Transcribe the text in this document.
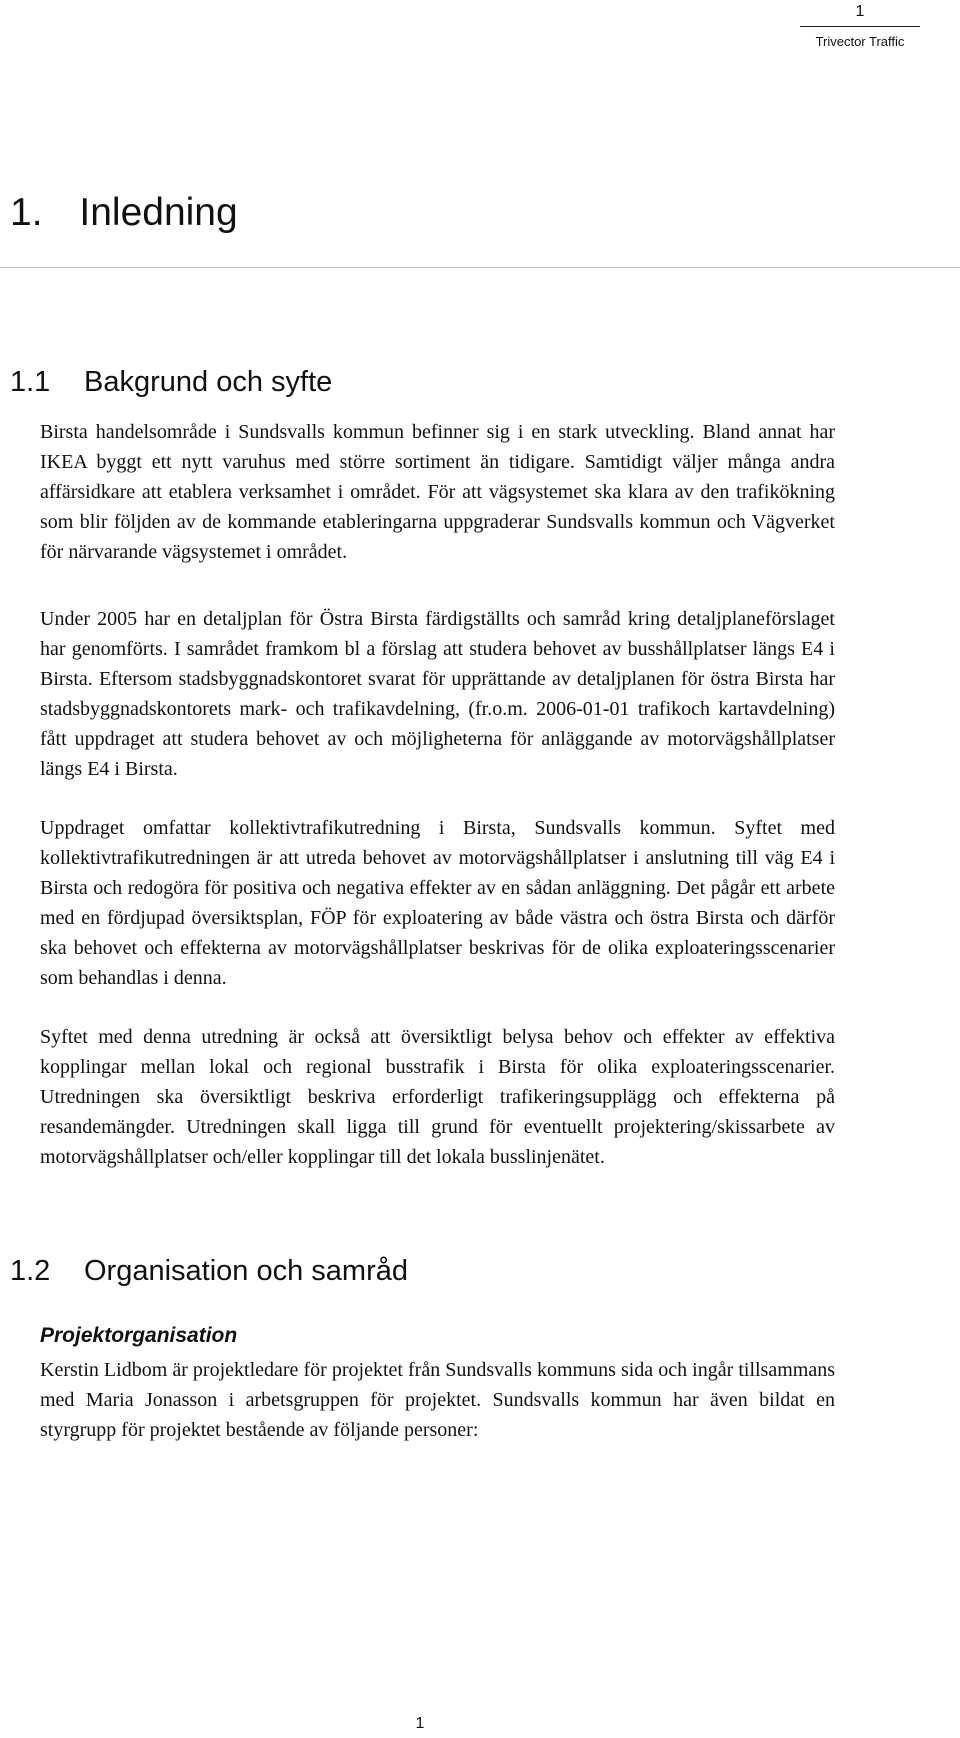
1
Trivector Traffic
1. Inledning
1.1 Bakgrund och syfte

Birsta handelsområde i Sundsvalls kommun befinner sig i en stark utveckling. Bland annat har IKEA byggt ett nytt varuhus med större sortiment än tidigare. Samtidigt väljer många andra affärsidkare att etablera verksamhet i området. För att vägsystemet ska klara av den trafikökning som blir följden av de kommande etableringarna uppgraderar Sundsvalls kommun och Vägverket för närvarande vägsystemet i området.

Under 2005 har en detaljplan för Östra Birsta färdigställts och samråd kring detaljplaneförslaget har genomförts. I samrådet framkom bl a förslag att studera behovet av busshållplatser längs E4 i Birsta. Eftersom stadsbyggnadskontoret svarat för upprättande av detaljplanen för östra Birsta har stadsbyggnadskontorets mark- och trafikavdelning, (fr.o.m. 2006-01-01 trafikoch kartavdelning) fått uppdraget att studera behovet av och möjligheterna för anläggande av motorvägshållplatser längs E4 i Birsta.

Uppdraget omfattar kollektivtrafikutredning i Birsta, Sundsvalls kommun. Syftet med kollektivtrafikutredningen är att utreda behovet av motorvägshållplatser i anslutning till väg E4 i Birsta och redogöra för positiva och negativa effekter av en sådan anläggning. Det pågår ett arbete med en fördjupad översiktsplan, FÖP för exploatering av både västra och östra Birsta och därför ska behovet och effekterna av motorvägshållplatser beskrivas för de olika exploateringsscenarier som behandlas i denna.

Syftet med denna utredning är också att översiktligt belysa behov och effekter av effektiva kopplingar mellan lokal och regional busstrafik i Birsta för olika exploateringsscenarier. Utredningen ska översiktligt beskriva erforderligt trafikeringsupplägg och effekterna på resandemängder. Utredningen skall ligga till grund för eventuellt projektering/skissarbete av motorvägshållplatser och/eller kopplingar till det lokala busslinjenätet.

1.2 Organisation och samråd
Projektorganisation

Kerstin Lidbom är projektledare för projektet från Sundsvalls kommuns sida och ingår tillsammans med Maria Jonasson i arbetsgruppen för projektet. Sundsvalls kommun har även bildat en styrgrupp för projektet bestående av följande personer:

1
